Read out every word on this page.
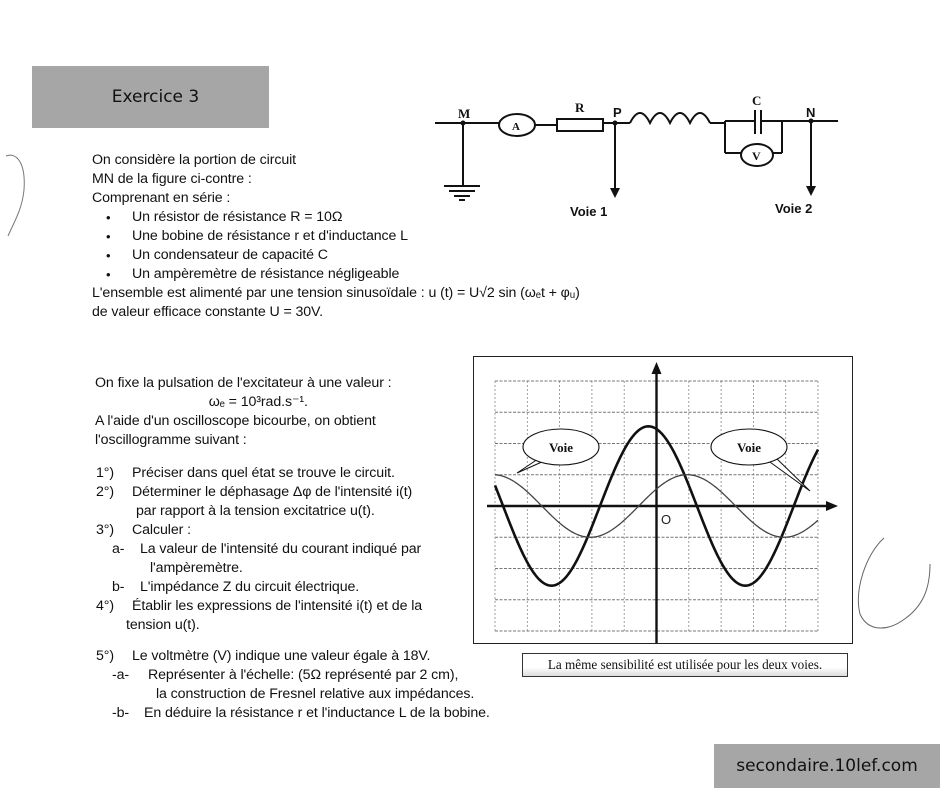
Exercice 3
M
A
R P
C
V
N
Voie 1	Voie 2

On considère la portion de circuit

MN de la figure ci-contre :

Comprenant en série :

• Un résistor de résistance R = 10Ω
• Une bobine de résistance r et d'inductance L
• Un condensateur de capacité C
• Un ampèremètre de résistance négligeable

L'ensemble est alimenté par une tension sinusoïdale : u (t) = U√2 sin (ωₑt + φᵤ)

de valeur efficace constante U = 30V.

On fixe la pulsation de l'excitateur à une valeur :

ωₑ = 10³rad.s⁻¹.

A l'aide d'un oscilloscope bicourbe, on obtient

l'oscillogramme suivant :

1°) Préciser dans quel état se trouve le circuit.

2°) Déterminer le déphasage Δφ de l'intensité i(t)

par rapport à la tension excitatrice u(t).

3°) Calculer :

a- La valeur de l'intensité du courant indiqué par

l'ampèremètre.

b- L'impédance Z du circuit électrique.

4°) Établir les expressions de l'intensité i(t) et de la

tension u(t).

5°) Le voltmètre (V) indique une valeur égale à 18V.

-a- Représenter à l'échelle: (5Ω représenté par 2 cm),

la construction de Fresnel relative aux impédances.

-b- En déduire la résistance r et l'inductance L de la bobine.

Voie	Voie
O
La même sensibilité est utilisée pour les deux voies.
secondaire.10lef.com
